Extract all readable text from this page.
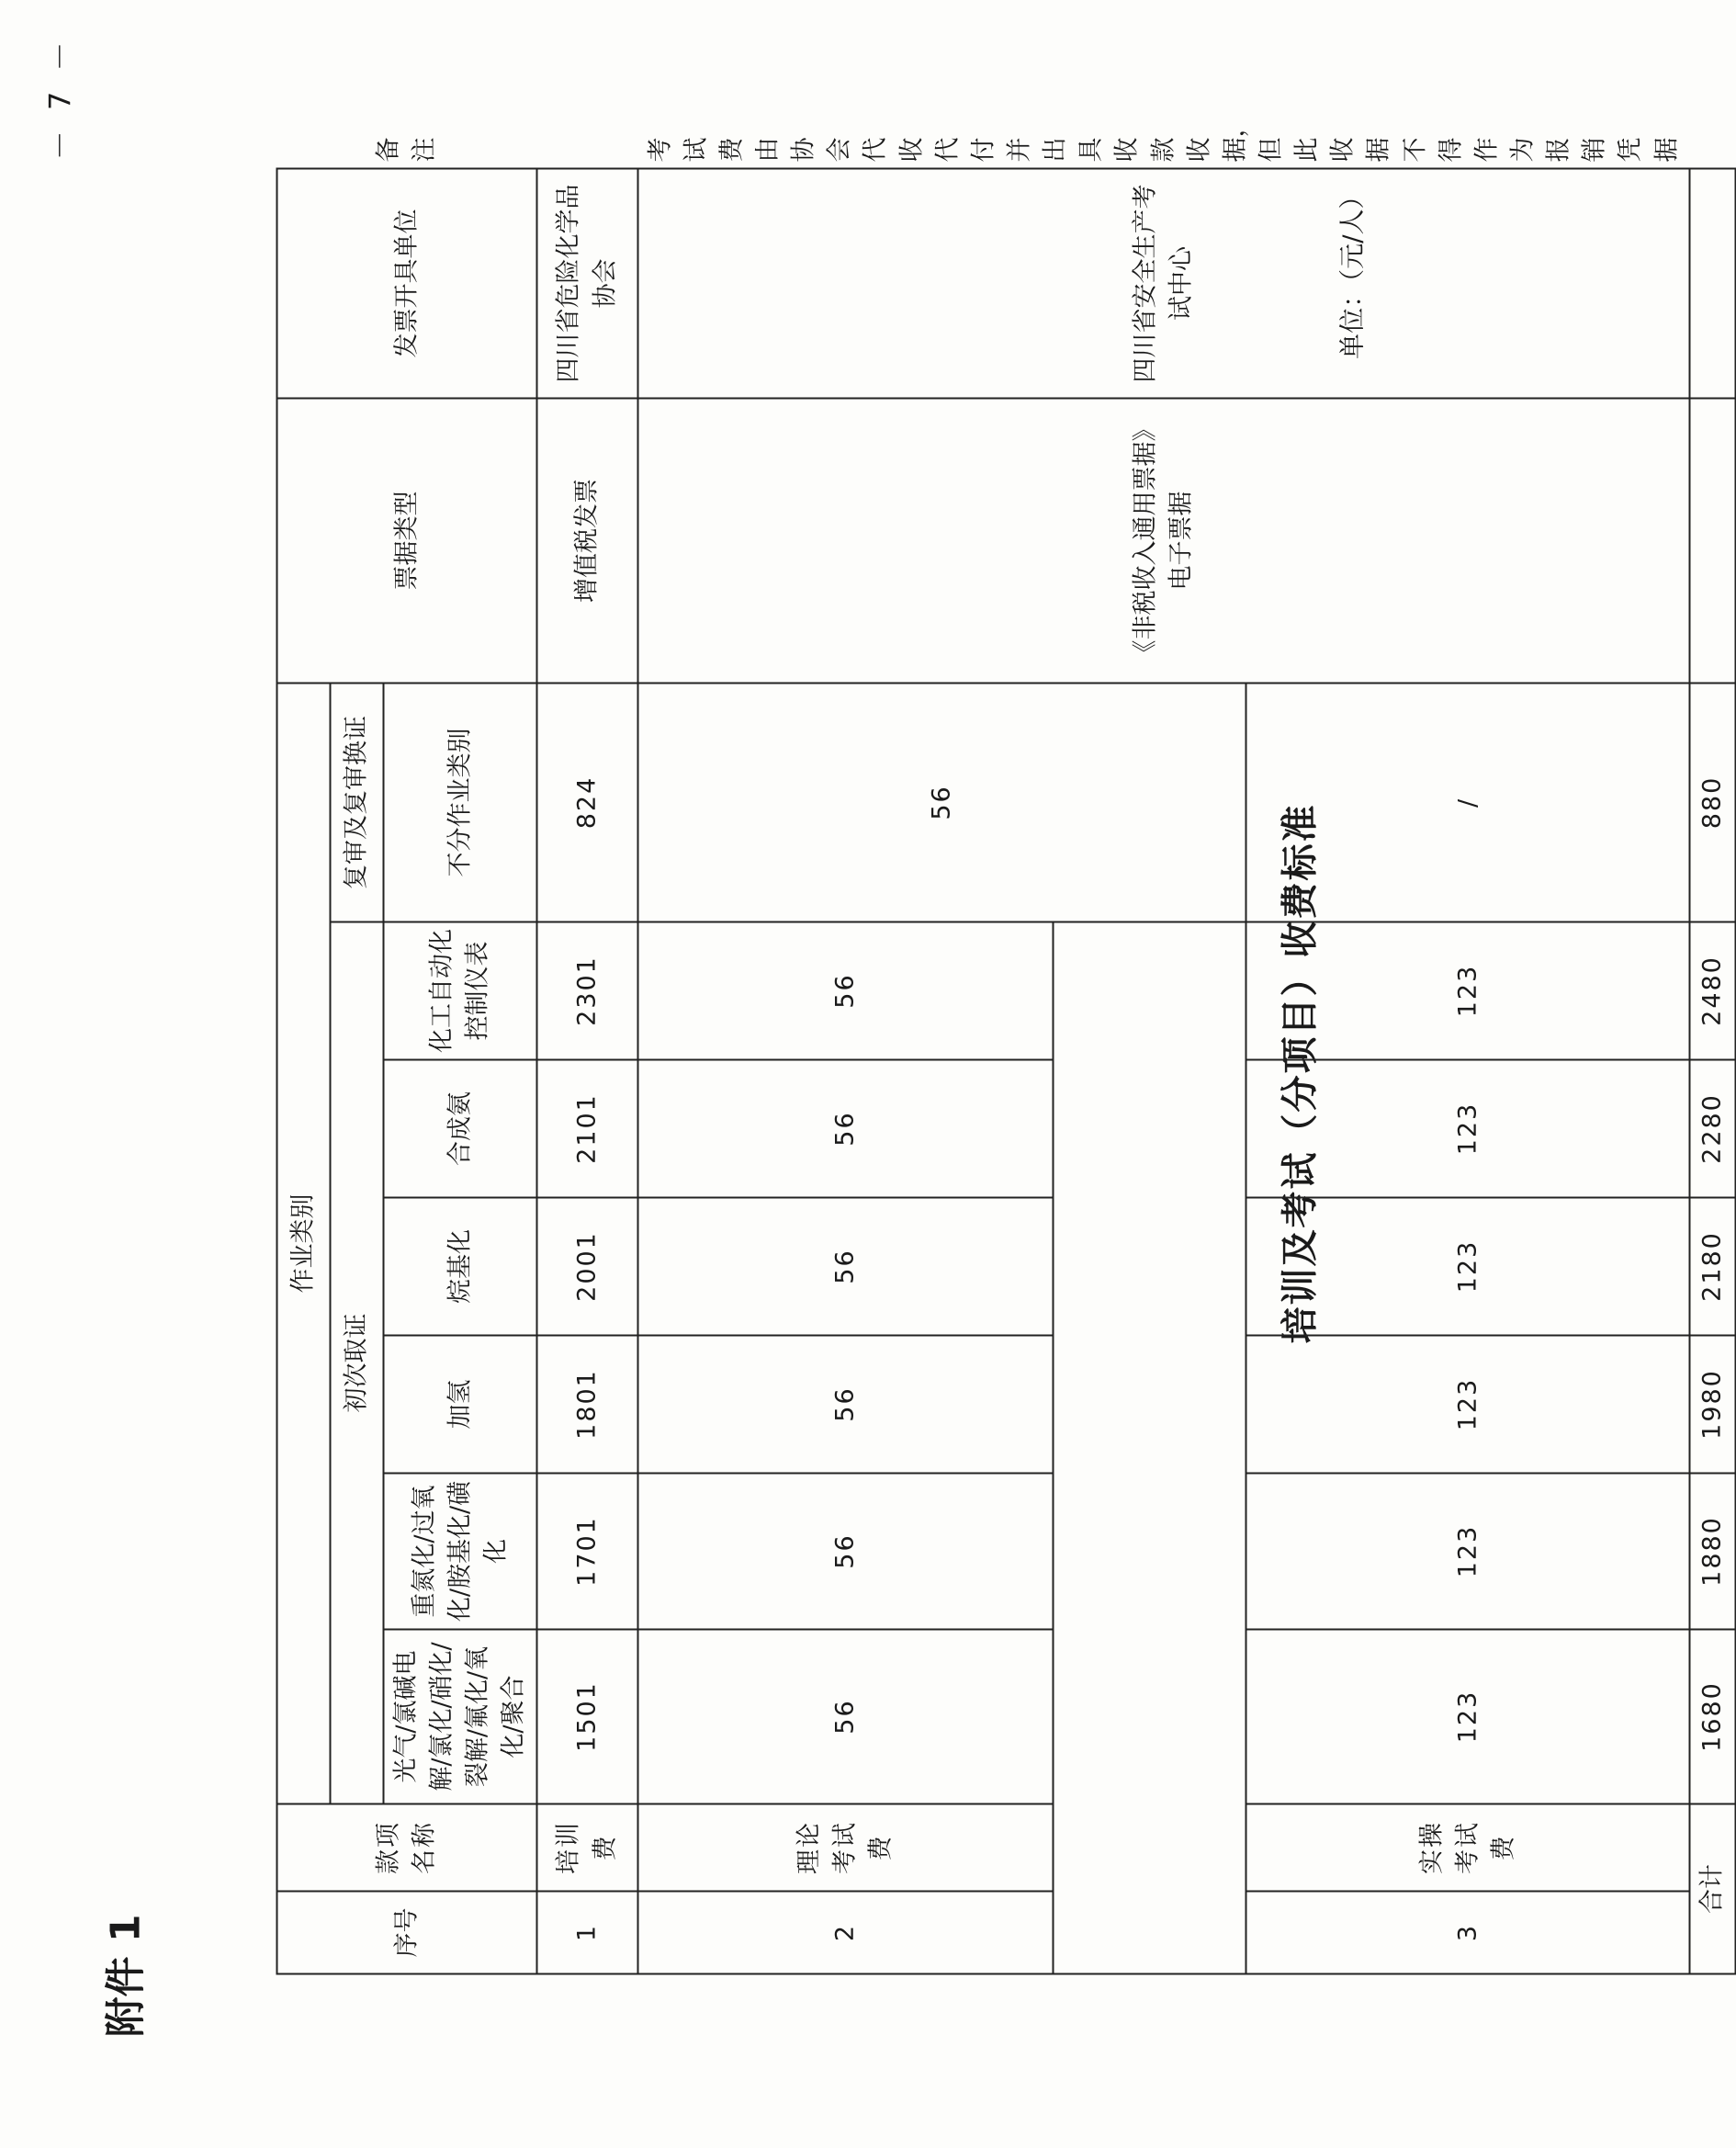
－ 7 －
附件 1
培训及考试（分项目）收费标准
单位：（元/人）
序号	款项名称	作业类别							票据类型	发票开具单位	备注
		初次取证						复审及复审换证			
		光气/氯碱电解/氯化/硝化/裂解/氟化/氧化/聚合	重氮化/过氧化/胺基化/磺化	加氢	烷基化	合成氨	化工自动化控制仪表	不分作业类别			
1	培训费	1501	1701	1801	2001	2101	2301	824	增值税发票	四川省危险化学品协会	
2	理论考试费	56	56	56	56	56	56	56	《非税收入通用票据》电子票据	四川省安全生产考试中心	考试费由协会代收代付并出具收款收据，但此收据不得作为报销凭据

3	实操考试费	123	123	123	123	123	123	/			
合计		1680	1880	1980	2180	2280	2480	880			
